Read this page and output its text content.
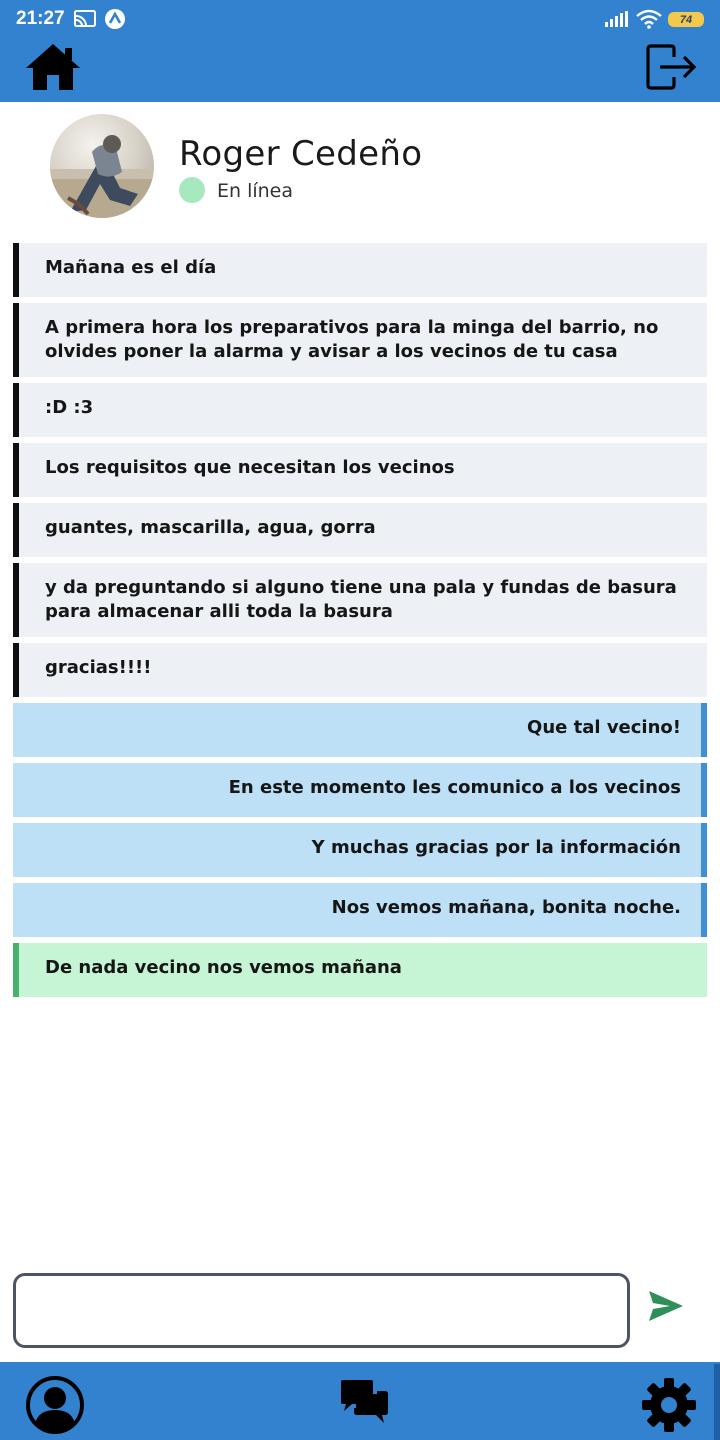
21:27	74
Roger Cedeño
En línea
Mañana es el día
A primera hora los preparativos para la minga del barrio, no olvides poner la alarma y avisar a los vecinos de tu casa
:D :3
Los requisitos que necesitan los vecinos
guantes, mascarilla, agua, gorra
y da preguntando si alguno tiene una pala y fundas de basura para almacenar alli toda la basura
gracias!!!!
Que tal vecino!
En este momento les comunico a los vecinos
Y muchas gracias por la información
Nos vemos mañana, bonita noche.
De nada vecino nos vemos mañana
